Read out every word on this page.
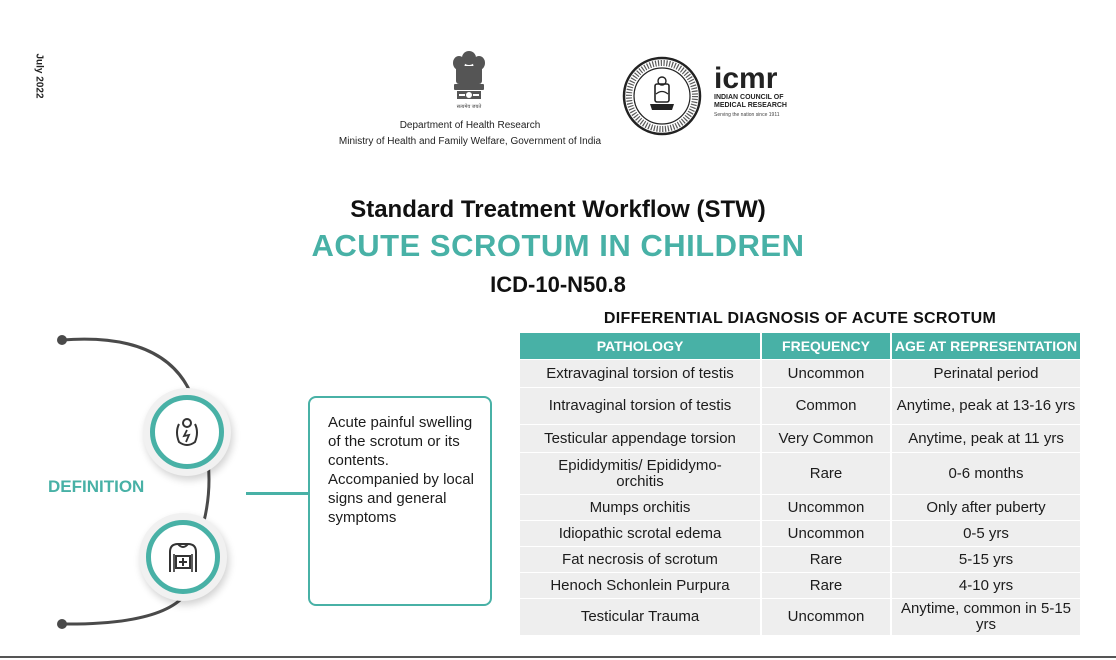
July 2022
सत्यमेव जयते
Department of Health Research
Ministry of Health and Family Welfare, Government of India
icmr
INDIAN COUNCIL OF
MEDICAL RESEARCH
Serving the nation since 1911
Standard Treatment Workflow (STW)
ACUTE SCROTUM IN CHILDREN
ICD-10-N50.8
DEFINITION
Acute painful swelling of the scrotum or its contents. Accompanied by local signs and general symptoms
DIFFERENTIAL DIAGNOSIS OF ACUTE SCROTUM
PATHOLOGY	FREQUENCY	AGE AT REPRESENTATION
Extravaginal torsion of testis	Uncommon	Perinatal period
Intravaginal torsion of testis	Common	Anytime, peak at 13-16 yrs
Testicular appendage torsion	Very Common	Anytime, peak at 11 yrs
Epididymitis/ Epididymo-orchitis	Rare	0-6 months
Mumps orchitis	Uncommon	Only after puberty
Idiopathic scrotal edema	Uncommon	0-5 yrs
Fat necrosis of scrotum	Rare	5-15 yrs
Henoch Schonlein Purpura	Rare	4-10 yrs
Testicular Trauma	Uncommon	Anytime, common in 5-15 yrs
